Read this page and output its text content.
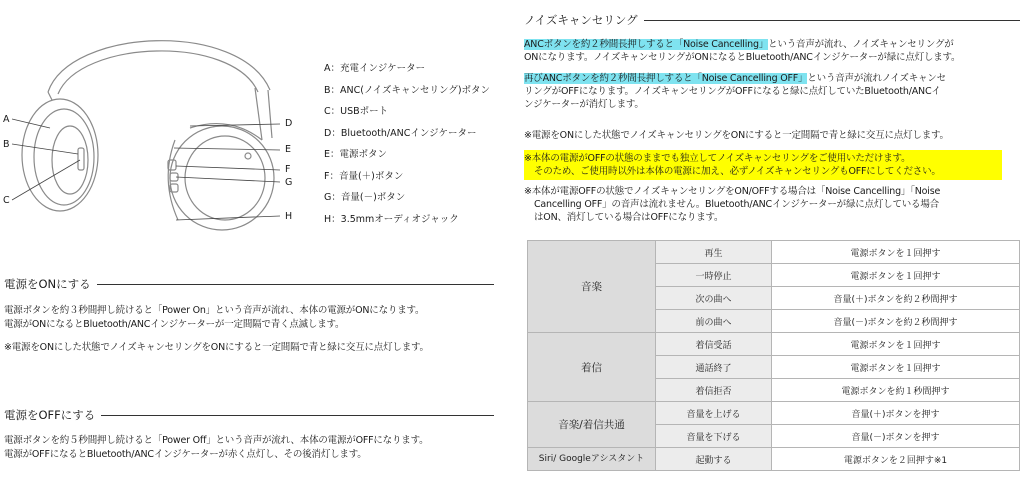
A
B
C
D
E
F
G
H
A：充電インジケーター
B：ANC(ノイズキャンセリング)ボタン
C：USBポート
D：Bluetooth/ANCインジケーター
E：電源ボタン
F：音量(＋)ボタン
G：音量(－)ボタン
H：3.5mmオーディオジャック
電源をONにする
電源ボタンを約３秒間押し続けると「Power On」という音声が流れ、本体の電源がONになります。
電源がONになるとBluetooth/ANCインジケーターが一定間隔で青く点滅します。
※電源をONにした状態でノイズキャンセリングをONにすると一定間隔で青と緑に交互に点灯します。
電源をOFFにする
電源ボタンを約５秒間押し続けると「Power Off」という音声が流れ、本体の電源がOFFになります。
電源がOFFになるとBluetooth/ANCインジケーターが赤く点灯し、その後消灯します。
ノイズキャンセリング
ANCボタンを約２秒間長押しすると「Noise Cancelling」という音声が流れ、ノイズキャンセリングが
ONになります。ノイズキャンセリングがONになるとBluetooth/ANCインジケーターが緑に点灯します。
再びANCボタンを約２秒間長押しすると「Noise Cancelling OFF」という音声が流れノイズキャンセ
リングがOFFになります。ノイズキャンセリングがOFFになると緑に点灯していたBluetooth/ANCイ
ンジケーターが消灯します。
※電源をONにした状態でノイズキャンセリングをONにすると一定間隔で青と緑に交互に点灯します。
※本体の電源がOFFの状態のままでも独立してノイズキャンセリングをご使用いただけます。
そのため、ご使用時以外は本体の電源に加え、必ずノイズキャンセリングもOFFにしてください。
※本体が電源OFFの状態でノイズキャンセリングをON/OFFする場合は「Noise Cancelling」「Noise
Cancelling OFF」の音声は流れません。Bluetooth/ANCインジケーターが緑に点灯している場合
はON、消灯している場合はOFFになります。
音楽	再生	電源ボタンを１回押す
	一時停止	電源ボタンを１回押す
	次の曲へ	音量(＋)ボタンを約２秒間押す
	前の曲へ	音量(－)ボタンを約２秒間押す
着信	着信受話	電源ボタンを１回押す
	通話終了	電源ボタンを１回押す
	着信拒否	電源ボタンを約１秒間押す
音楽/着信共通	音量を上げる	音量(＋)ボタンを押す
	音量を下げる	音量(－)ボタンを押す
Siri/ Googleアシスタント	起動する	電源ボタンを２回押す※1
